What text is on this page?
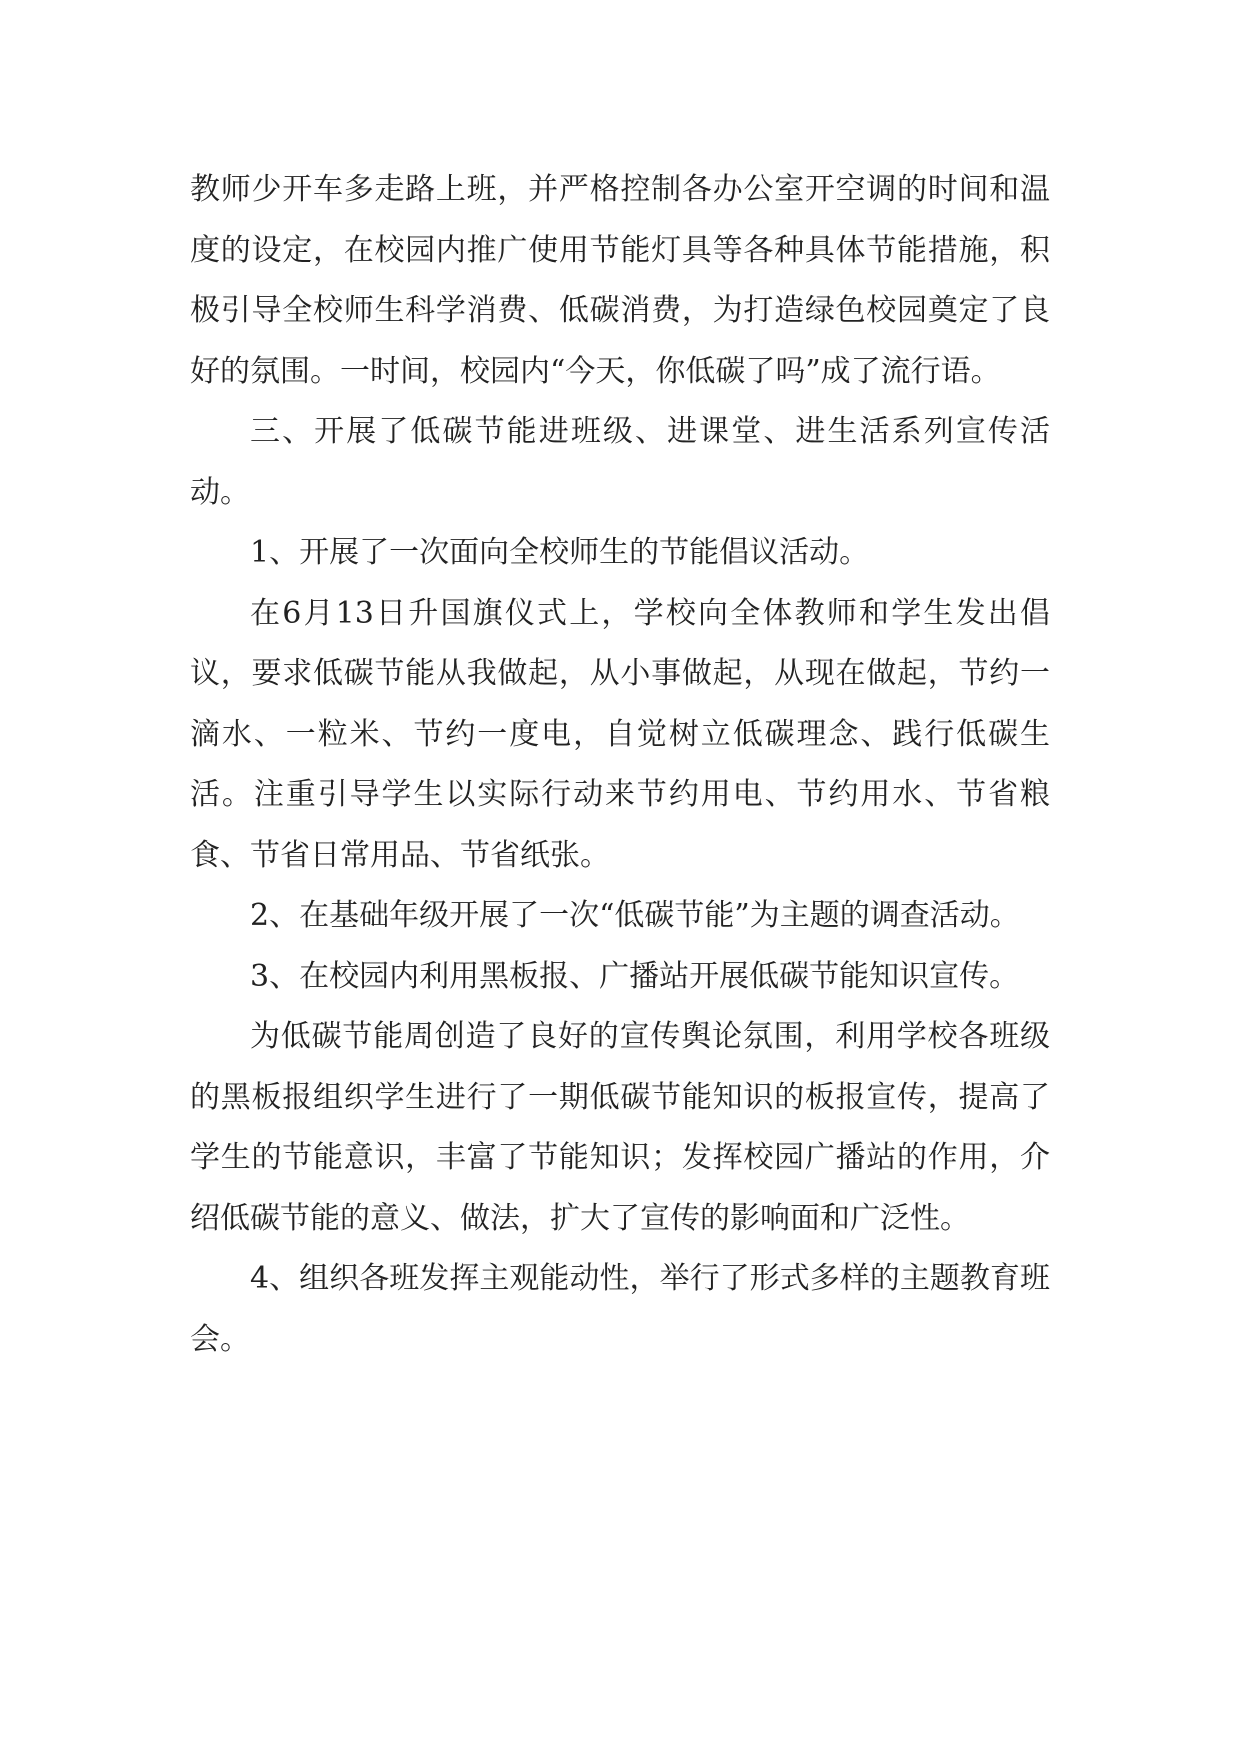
教师少开车多走路上班，并严格控制各办公室开空调的时间和温度的设定，在校园内推广使用节能灯具等各种具体节能措施，积极引导全校师生科学消费、低碳消费，为打造绿色校园奠定了良好的氛围。一时间，校园内“今天，你低碳了吗”成了流行语。

三、开展了低碳节能进班级、进课堂、进生活系列宣传活动。

1、开展了一次面向全校师生的节能倡议活动。

在6月13日升国旗仪式上，学校向全体教师和学生发出倡议，要求低碳节能从我做起，从小事做起，从现在做起，节约一滴水、一粒米、节约一度电，自觉树立低碳理念、践行低碳生活。注重引导学生以实际行动来节约用电、节约用水、节省粮食、节省日常用品、节省纸张。

2、在基础年级开展了一次“低碳节能”为主题的调查活动。

3、在校园内利用黑板报、广播站开展低碳节能知识宣传。

为低碳节能周创造了良好的宣传舆论氛围，利用学校各班级的黑板报组织学生进行了一期低碳节能知识的板报宣传，提高了学生的节能意识，丰富了节能知识；发挥校园广播站的作用，介绍低碳节能的意义、做法，扩大了宣传的影响面和广泛性。

4、组织各班发挥主观能动性，举行了形式多样的主题教育班会。
